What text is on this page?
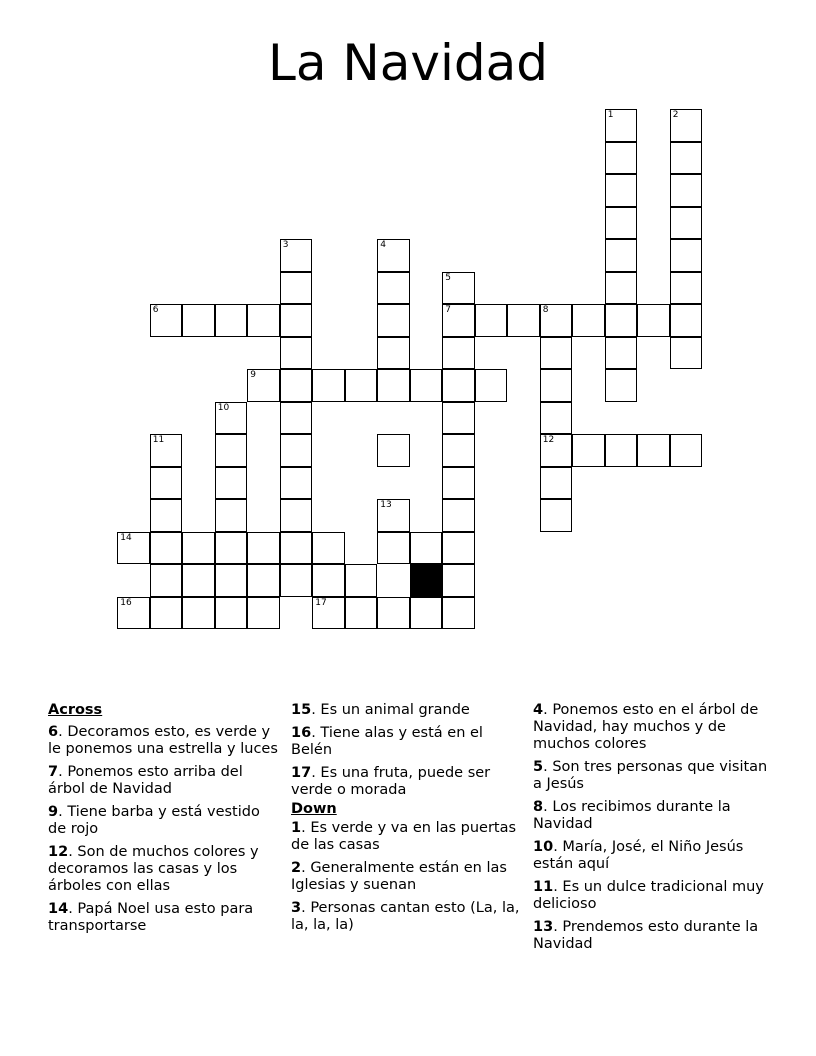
La Navidad
1	2
3	4
5
6	7	8
9
10
11	12
13
14
16	17
Across
6. Decoramos esto, es verde y le ponemos una estrella y luces
7. Ponemos esto arriba del árbol de Navidad
9. Tiene barba y está vestido de rojo
12. Son de muchos colores y decoramos las casas y los árboles con ellas
14. Papá Noel usa esto para transportarse
15. Es un animal grande
16. Tiene alas y está en el Belén
17. Es una fruta, puede ser verde o morada
Down
1. Es verde y va en las puertas de las casas
2. Generalmente están en las Iglesias y suenan
3. Personas cantan esto (La, la, la, la, la)
4. Ponemos esto en el árbol de Navidad, hay muchos y de muchos colores
5. Son tres personas que visitan a Jesús
8. Los recibimos durante la Navidad
10. María, José, el Niño Jesús están aquí
11. Es un dulce tradicional muy delicioso
13. Prendemos esto durante la Navidad
